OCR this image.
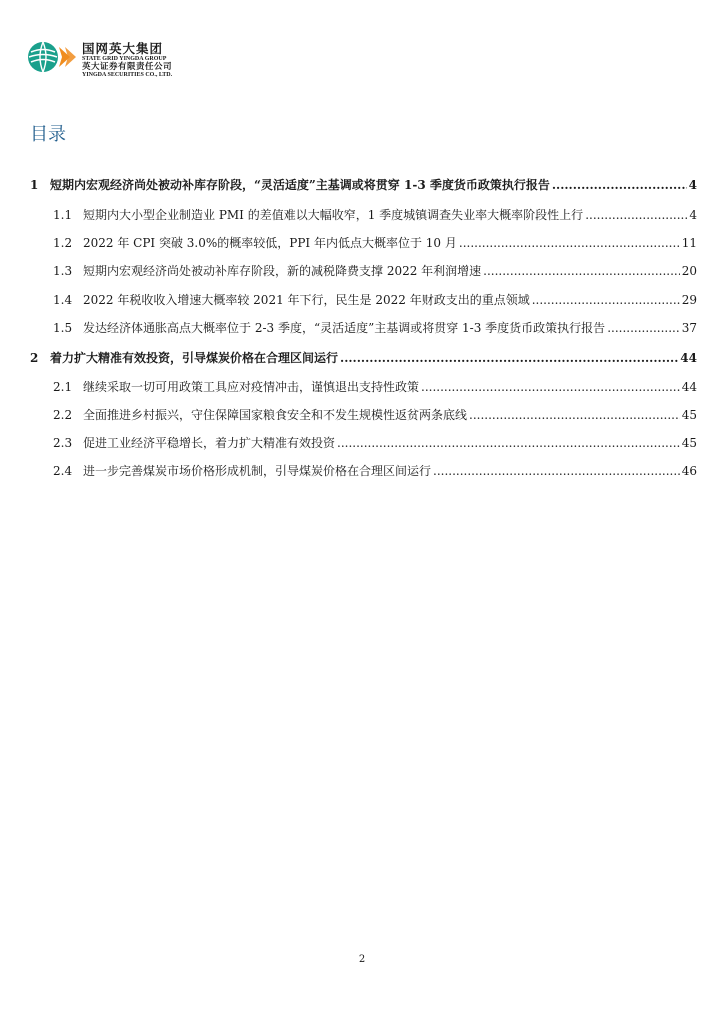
国网英大集团
STATE GRID YINGDA GROUP
英大证券有限责任公司
YINGDA SECURITIES CO., LTD.
目录
1 短期内宏观经济尚处被动补库存阶段，“灵活适度”主基调或将贯穿 1-3 季度货币政策执行报告 .....	4
1.1 短期内大小型企业制造业 PMI 的差值难以大幅收窄，1 季度城镇调查失业率大概率阶段性上行 .....	4
1.2 2022 年 CPI 突破 3.0%的概率较低，PPI 年内低点大概率位于 10 月 .....	11
1.3 短期内宏观经济尚处被动补库存阶段，新的减税降费支撑 2022 年利润增速 .....	20
1.4 2022 年税收收入增速大概率较 2021 年下行，民生是 2022 年财政支出的重点领域 .....	29
1.5 发达经济体通胀高点大概率位于 2-3 季度，“灵活适度”主基调或将贯穿 1-3 季度货币政策执行报告 .....	37
2 着力扩大精准有效投资，引导煤炭价格在合理区间运行 .....	44
2.1 继续采取一切可用政策工具应对疫情冲击，谨慎退出支持性政策 .....	44
2.2 全面推进乡村振兴，守住保障国家粮食安全和不发生规模性返贫两条底线 .....	45
2.3 促进工业经济平稳增长，着力扩大精准有效投资 .....	45
2.4 进一步完善煤炭市场价格形成机制，引导煤炭价格在合理区间运行 .....	46
2
